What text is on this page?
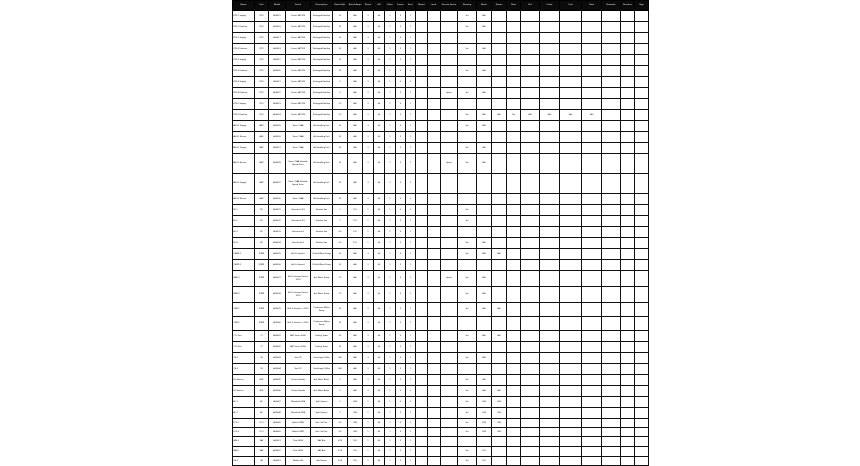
Name	Unit	Model	Serial	Description	Rated Volt.	Rated Amps	Phase	kW	Poles	Frame	Encl.	Mount	Insul.	Service Factor	Bearing	Notes	Status	Date	Ref	Order	Cost	Total	Remarks	Revision	Sign
RTU-1 Supply	RTU	A00015	Carrier 48TCED	Packaged Rooftop	15	460	3	60	1	3	1				Yes	460									
RTU-1 Exhaust	RTU	A00016	Carrier 48TCED	Packaged Rooftop	15	460	3	60	1	3	1				Yes	460									
RTU-2 Supply	RTU	A00017	Carrier 48TCED	Packaged Rooftop	10	460	3	60	1	3	1														
RTU-2 Exhaust	RTU	A00018	Carrier 48TCED	Packaged Rooftop	10	460	3	60	1	3	1				Yes	460									
RTU-3 Supply	RTU	A00019	Carrier 48TCED	Packaged Rooftop	15	460	3	60	1	3	1														
RTU-3 Exhaust	RTU	A00020	Carrier 48TCED	Packaged Rooftop	15	460	3	60	1	3	1				Yes	460									
RTU-4 Supply	RTU	A00021	Carrier 48TCED	Packaged Rooftop	5	460	3	60	1	3	1														
RTU-4 Exhaust	RTU	A00022	Carrier 48TCED	Packaged Rooftop	5	460	3	60	1	3	1			Spare	Yes	460									
RTU-5 Supply	RTU	A00023	Carrier 48TCED	Packaged Rooftop	7.5	460	3	60	1	3	1														
RTU-5 Exhaust	RTU	A00024	Carrier 48TCED	Packaged Rooftop	7.5	460	3	60	1	3	1				Yes	460	460	Yes	460	460	460	460			
AHU-1 Supply	AHU	A00025	Trane CSAA	Air Handling Unit	20	460	3	60	1	3	1				Yes	460									
AHU-1 Return	AHU	A00026	Trane CSAA	Air Handling Unit	10	460	3	60	1	3	1														
AHU-2 Supply	AHU	A00027	Trane CSAA	Air Handling Unit	20	460	3	60	1	3	1				Yes	460									
AHU-2 Return	AHU	A00028	Trane CSAA Variable Speed Drive	Air Handling Unit	10	460	3	60	1	3	1			Spare	Yes	460									
AHU-3 Supply	AHU	A00029	Trane CSAA Variable Speed Drive	Air Handling Unit	25	460	3	60	1	3	1														
AHU-3 Return	AHU	A00030	Trane CSAA	Air Handling Unit	15	460	3	60	1	3	1														
EF-1	EF	A00031	Greenheck SQ	Exhaust Fan	1	115	1	60	1	3	1				Yes										
EF-2	EF	A00032	Greenheck SQ	Exhaust Fan	1	115	1	60	1	3	1				Yes										
EF-3	EF	A00033	Greenheck G	Exhaust Fan	0.5	115	1	60	1	3	1														
EF-4	EF	A00034	Greenheck G	Exhaust Fan	0.5	115	1	60	1	3	1				Yes	460									
CHWP-1	PUMP	A00035	Bell & Gossett	Chilled Water Pump	10	460	3	60	1	3	1				Yes	460	460								
CHWP-2	PUMP	A00036	Bell & Gossett	Chilled Water Pump	10	460	3	60	1	3	1														
HWP-1	PUMP	A00037	Bell & Gossett Series 1510	Hot Water Pump	7.5	460	3	60	1	3	1			Spare	Yes	460									
HWP-2	PUMP	A00038	Bell & Gossett Series 1510	Hot Water Pump	7.5	460	3	60	1	3	1				Yes	460									
CWP-1	PUMP	A00039	Bell & Gossett e-1510	Condenser Water Pump	15	460	3	60	1	3	1				Yes	460	460								
CWP-2	PUMP	A00040	Bell & Gossett e-1510	Condenser Water Pump	15	460	3	60	1	3	1														
CT-1 Fan	CT	A00041	BAC Series 3000	Cooling Tower	20	460	3	60	1	3	1				Yes	460	460								
CT-2 Fan	CT	A00042	BAC Series 3000	Cooling Tower	20	460	3	60	1	3	1														
CH-1	CH	A00043	York YK	Centrifugal Chiller	350	460	3	60	1	3	1				Yes	460									
CH-2	CH	A00044	York YK	Centrifugal Chiller	350	460	3	60	1	3	1														
B-1 Burner	BLR	A00045	Cleaver Brooks	Hot Water Boiler	3	460	3	60	1	3	1				Yes	460									
B-2 Burner	BLR	A00046	Cleaver Brooks	Hot Water Boiler	3	460	3	60	1	3	1				Yes	460	460								
AC-1	AC	A00047	Mitsubishi PKA	Split System	2	208	1	60	1	3	1				Yes	208	208								
AC-2	AC	A00048	Mitsubishi PKA	Split System	2	208	1	60	1	3	1				Yes	208	208								
FCU-1	FCU	A00049	Daikin FXMQ	Fan Coil Unit	0.5	208	1	60	1	3	1				Yes	208	208								
FCU-2	FCU	A00050	Daikin FXMQ	Fan Coil Unit	0.5	208	1	60	1	3	1				Yes	208	208								
VAV-1	VAV	A00051	Titus DESV	VAV Box	0.25	120	1	60	1	3	1														
VAV-2	VAV	A00052	Titus DESV	VAV Box	0.25	120	1	60	1	3	1				Yes	120									
UH-1	UH	A00053	Modine HD	Unit Heater	0.25	120	1	60	1	3	1				Yes	120									
